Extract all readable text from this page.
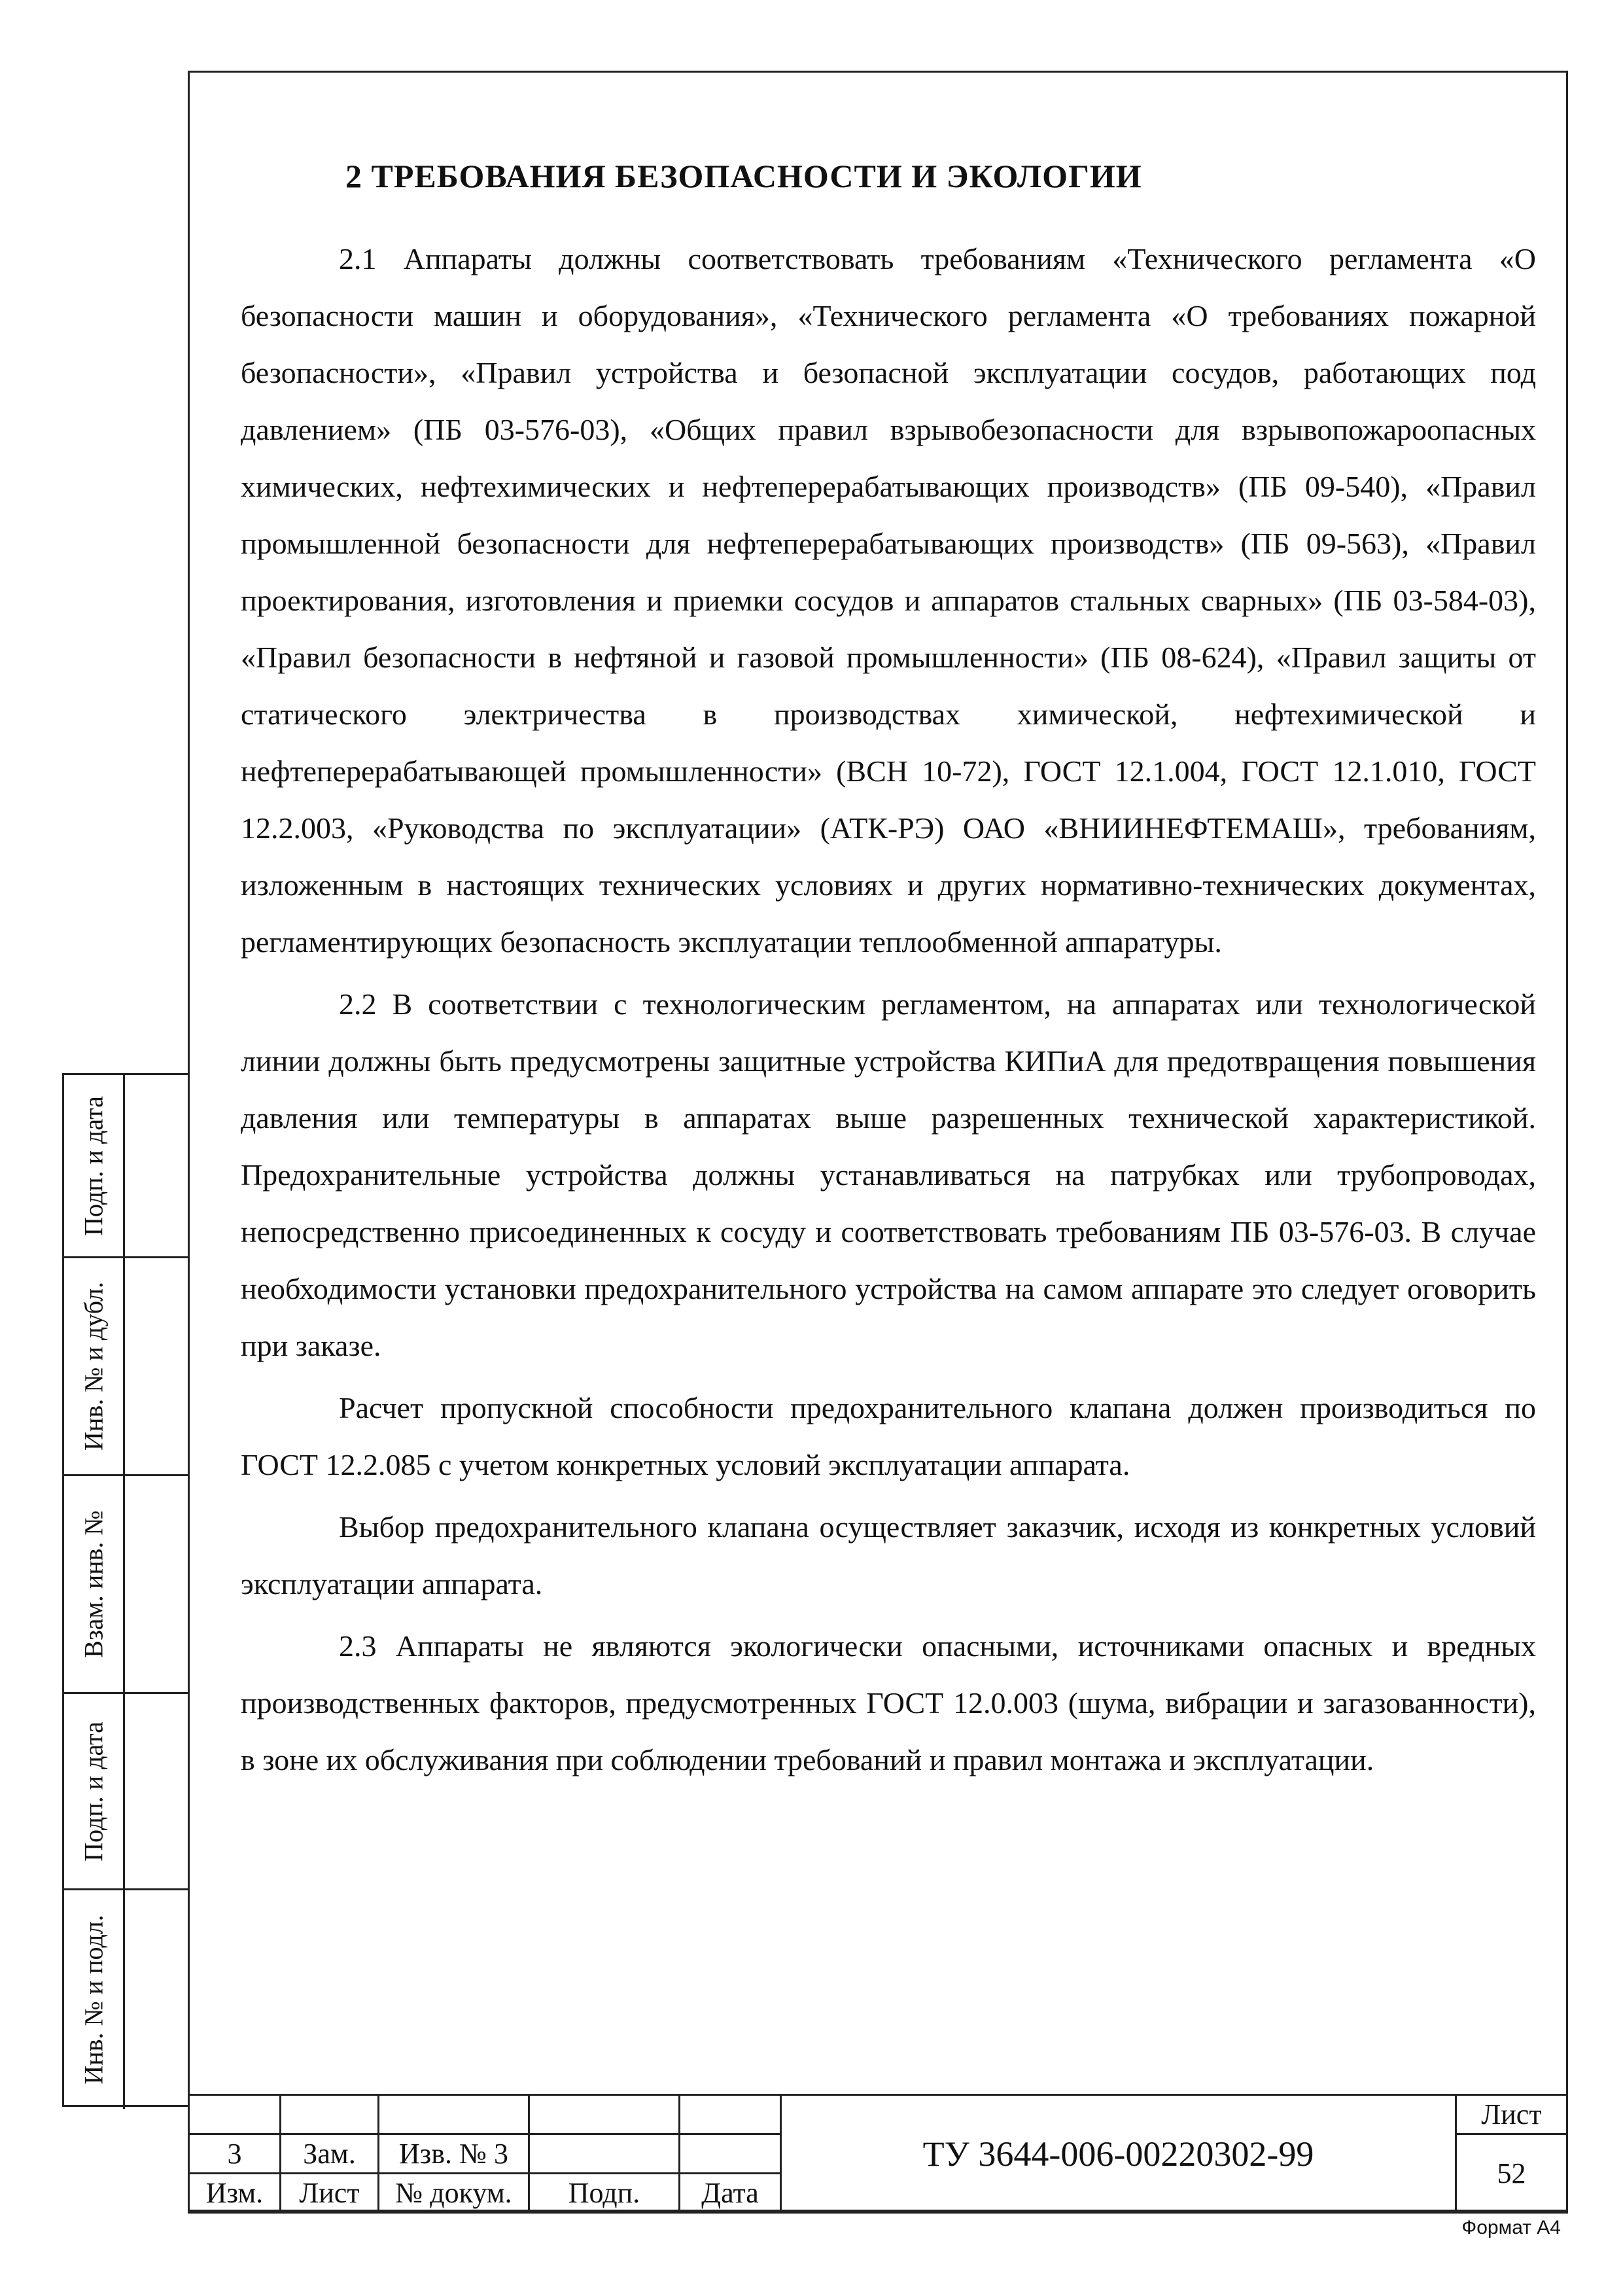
Подп. и дата
Инв. № и дубл.
Взам. инв. №
Подп. и дата
Инв. № и подл.
2 ТРЕБОВАНИЯ БЕЗОПАСНОСТИ И ЭКОЛОГИИ

2.1 Аппараты должны соответствовать требованиям «Технического регламента «О безопасности машин и оборудования», «Технического регламента «О требованиях пожарной безопасности», «Правил устройства и безопасной эксплуатации сосудов, работающих под давлением» (ПБ 03-576-03), «Общих правил взрывобезопасности для взрывопожароопасных химических, нефтехимических и нефтеперерабатывающих производств» (ПБ 09-540), «Правил промышленной безопасности для нефтеперерабатывающих производств» (ПБ 09-563), «Правил проектирования, изготовления и приемки сосудов и аппаратов стальных сварных» (ПБ 03-584-03), «Правил безопасности в нефтяной и газовой промышленности» (ПБ 08-624), «Правил защиты от статического электричества в производствах химической, нефтехимической и нефтеперерабатывающей промышленности» (ВСН 10-72), ГОСТ 12.1.004, ГОСТ 12.1.010, ГОСТ 12.2.003, «Руководства по эксплуатации» (АТК-РЭ) ОАО «ВНИИНЕФТЕМАШ», требованиям, изложенным в настоящих технических условиях и других нормативно-технических документах, регламентирующих безопасность эксплуатации теплообменной аппаратуры.

2.2 В соответствии с технологическим регламентом, на аппаратах или технологической линии должны быть предусмотрены защитные устройства КИПиА для предотвращения повышения давления или температуры в аппаратах выше разрешенных технической характеристикой. Предохранительные устройства должны устанавливаться на патрубках или трубопроводах, непосредственно присоединенных к сосуду и соответствовать требованиям ПБ 03-576-03. В случае необходимости установки предохранительного устройства на самом аппарате это следует оговорить при заказе.

Расчет пропускной способности предохранительного клапана должен производиться по ГОСТ 12.2.085 с учетом конкретных условий эксплуатации аппарата.

Выбор предохранительного клапана осуществляет заказчик, исходя из конкретных условий эксплуатации аппарата.

2.3 Аппараты не являются экологически опасными, источниками опасных и вредных производственных факторов, предусмотренных ГОСТ 12.0.003 (шума, вибрации и загазованности), в зоне их обслуживания при соблюдении требований и правил монтажа и эксплуатации.

					ТУ 3644-006-00220302-99	Лист
3	Зам.	Изв. № 3				52
Изм.	Лист	№ докум.	Подп.	Дата		
Формат А4
